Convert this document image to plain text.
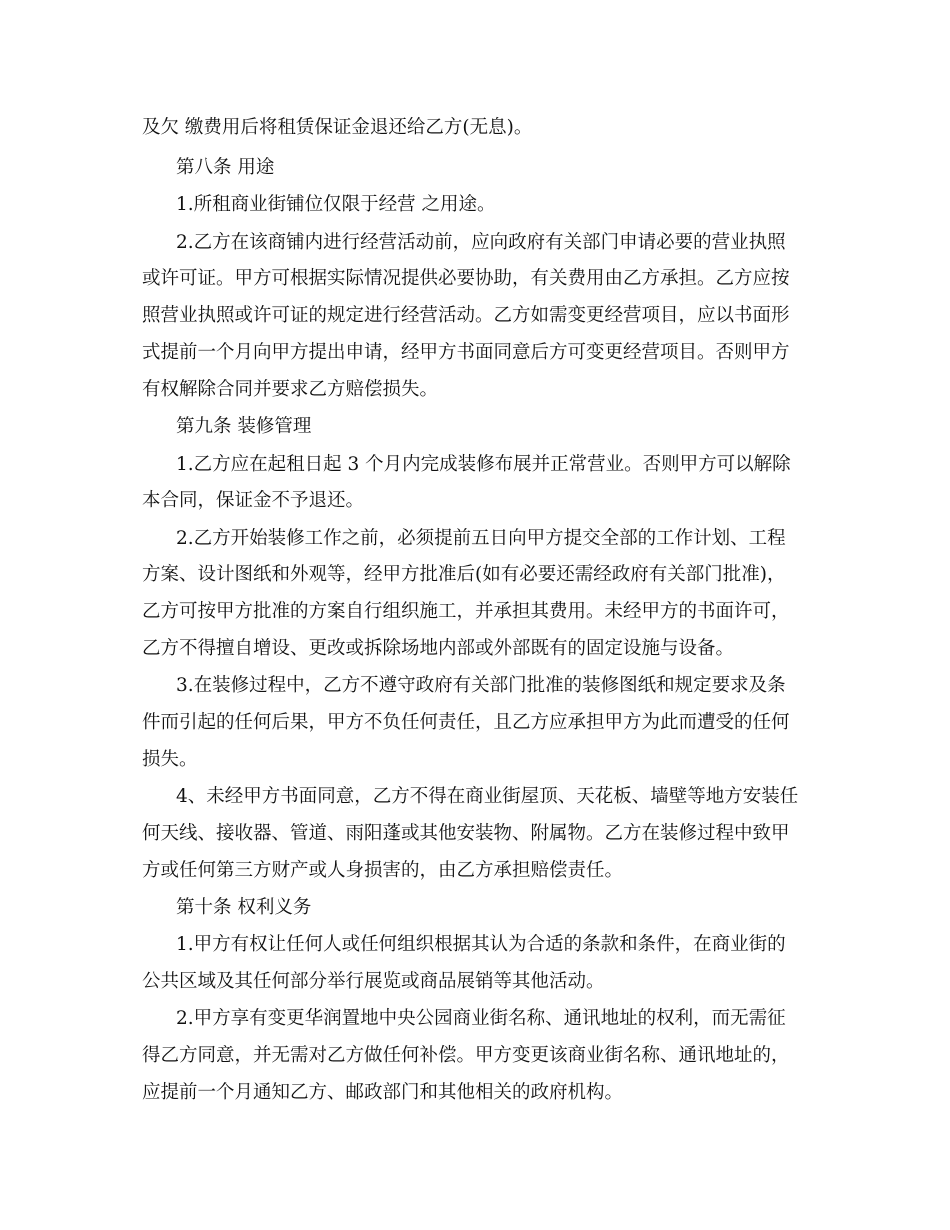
及欠 缴费用后将租赁保证金退还给乙方(无息)。
第八条 用途
1.所租商业街铺位仅限于经营 之用途。
2.乙方在该商铺内进行经营活动前，应向政府有关部门申请必要的营业执照
或许可证。甲方可根据实际情况提供必要协助，有关费用由乙方承担。乙方应按
照营业执照或许可证的规定进行经营活动。乙方如需变更经营项目，应以书面形
式提前一个月向甲方提出申请，经甲方书面同意后方可变更经营项目。否则甲方
有权解除合同并要求乙方赔偿损失。
第九条 装修管理
1.乙方应在起租日起 3 个月内完成装修布展并正常营业。否则甲方可以解除
本合同，保证金不予退还。
2.乙方开始装修工作之前，必须提前五日向甲方提交全部的工作计划、工程
方案、设计图纸和外观等，经甲方批准后(如有必要还需经政府有关部门批准)，
乙方可按甲方批准的方案自行组织施工，并承担其费用。未经甲方的书面许可，
乙方不得擅自增设、更改或拆除场地内部或外部既有的固定设施与设备。
3.在装修过程中，乙方不遵守政府有关部门批准的装修图纸和规定要求及条
件而引起的任何后果，甲方不负任何责任，且乙方应承担甲方为此而遭受的任何
损失。
4、未经甲方书面同意，乙方不得在商业街屋顶、天花板、墙壁等地方安装任
何天线、接收器、管道、雨阳蓬或其他安装物、附属物。乙方在装修过程中致甲
方或任何第三方财产或人身损害的，由乙方承担赔偿责任。
第十条 权利义务
1.甲方有权让任何人或任何组织根据其认为合适的条款和条件，在商业街的
公共区域及其任何部分举行展览或商品展销等其他活动。
2.甲方享有变更华润置地中央公园商业街名称、通讯地址的权利，而无需征
得乙方同意，并无需对乙方做任何补偿。甲方变更该商业街名称、通讯地址的，
应提前一个月通知乙方、邮政部门和其他相关的政府机构。
